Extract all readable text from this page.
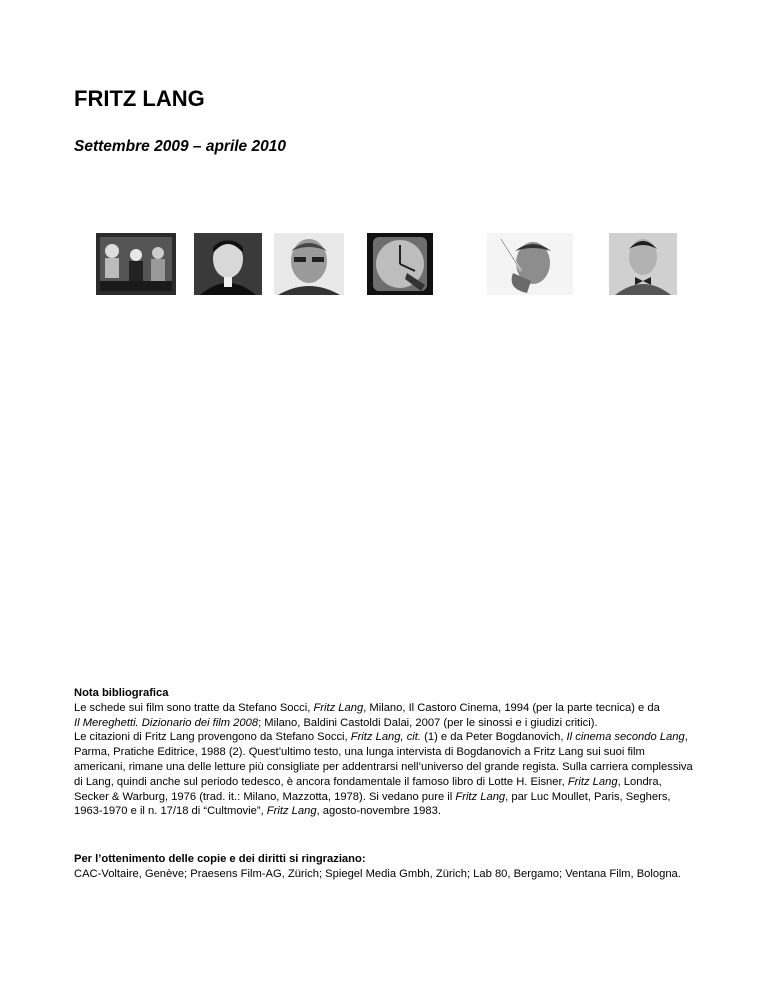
FRITZ LANG
Settembre 2009 – aprile 2010

Nota bibliografica

Le schede sui film sono tratte da Stefano Socci, Fritz Lang, Milano, Il Castoro Cinema, 1994 (per la parte tecnica) e da

Il Mereghetti. Dizionario dei film 2008; Milano, Baldini Castoldi Dalai, 2007 (per le sinossi e i giudizi critici).

Le citazioni di Fritz Lang provengono da Stefano Socci, Fritz Lang, cit. (1) e da Peter Bogdanovich, Il cinema secondo Lang, Parma, Pratiche Editrice, 1988 (2). Quest’ultimo testo, una lunga intervista di Bogdanovich a Fritz Lang sui suoi film americani, rimane una delle letture più consigliate per addentrarsi nell’universo del grande regista. Sulla carriera complessiva di Lang, quindi anche sul periodo tedesco, è ancora fondamentale il famoso libro di Lotte H. Eisner, Fritz Lang, Londra, Secker & Warburg, 1976 (trad. it.: Milano, Mazzotta, 1978). Si vedano pure il Fritz Lang, par Luc Moullet, Paris, Seghers, 1963-1970 e il n. 17/18 di “Cultmovie”, Fritz Lang, agosto-novembre 1983.

Per l’ottenimento delle copie e dei diritti si ringraziano:

CAC-Voltaire, Genève; Praesens Film-AG, Zürich; Spiegel Media Gmbh, Zürich; Lab 80, Bergamo; Ventana Film, Bologna.
